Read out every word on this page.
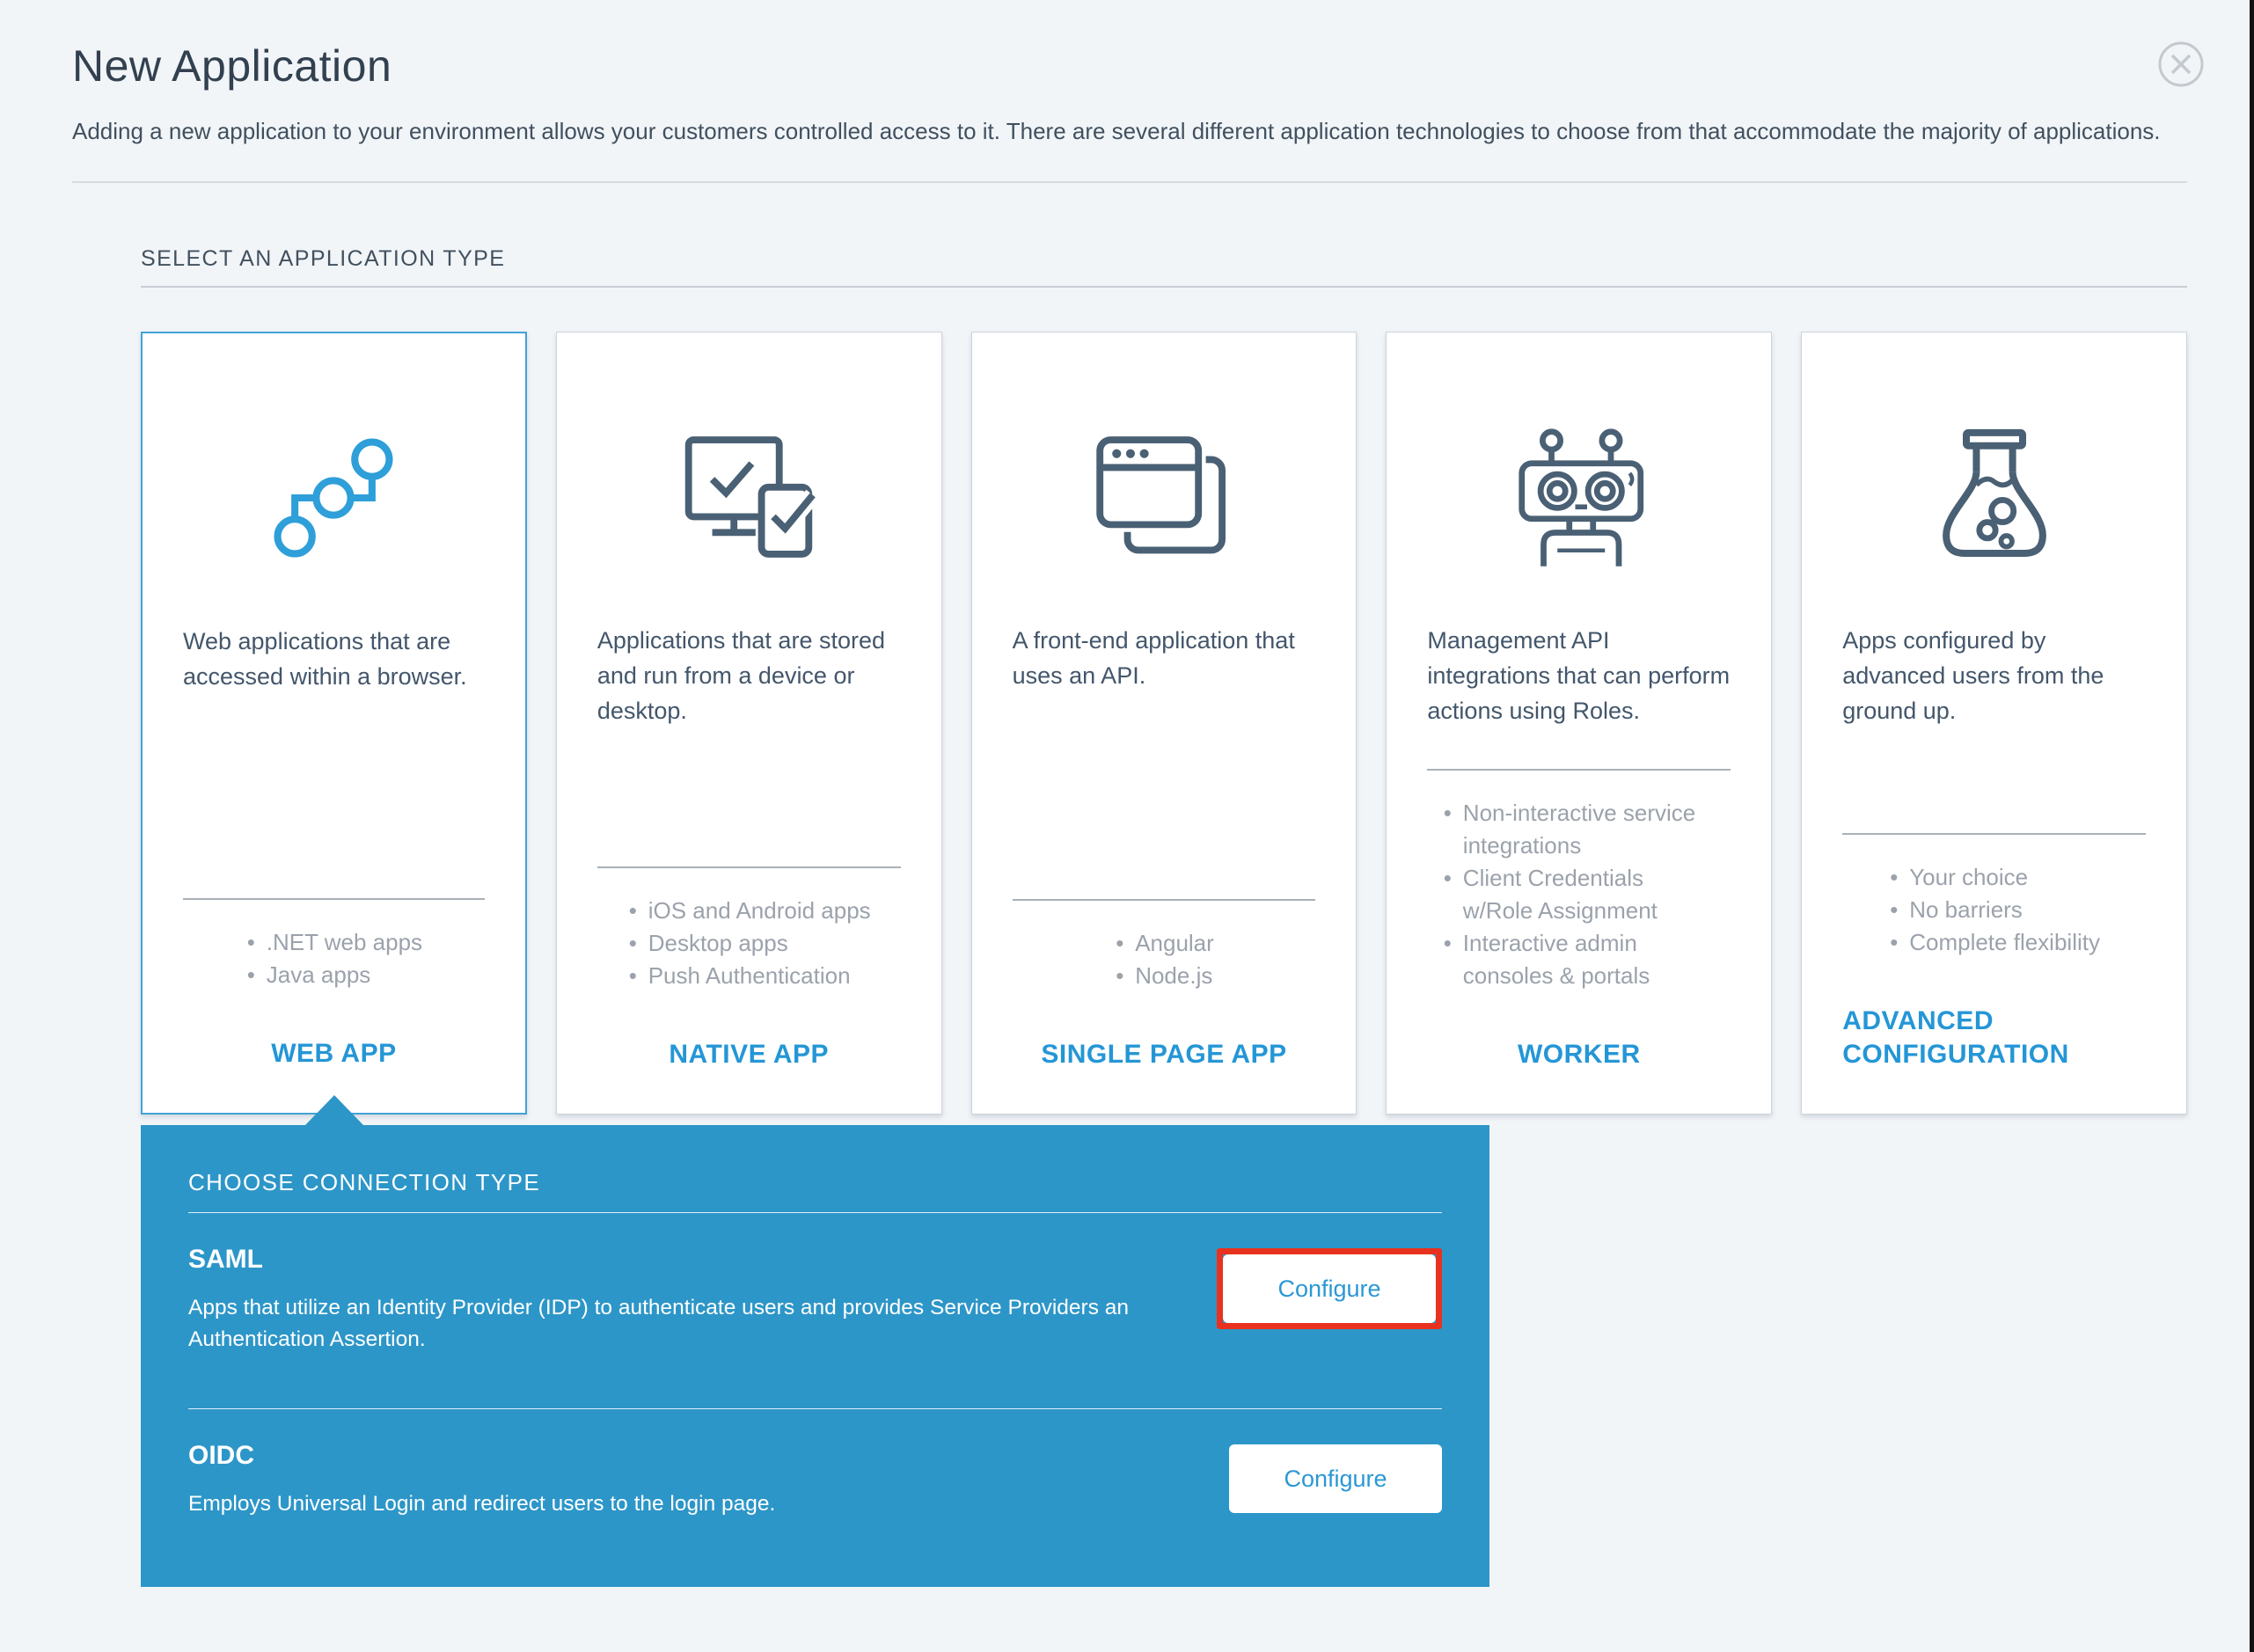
New Application
Adding a new application to your environment allows your customers controlled access to it. There are several different application technologies to choose from that accommodate the majority of applications.
SELECT AN APPLICATION TYPE
Web applications that are accessed within a browser.
• .NET web apps
• Java apps
WEB APP
Applications that are stored and run from a device or desktop.
• iOS and Android apps
• Desktop apps
• Push Authentication
NATIVE APP
A front-end application that uses an API.
• Angular
• Node.js
SINGLE PAGE APP
Management API integrations that can perform actions using Roles.
• Non-interactive service integrations
• Client Credentials w/Role Assignment
• Interactive admin consoles & portals
WORKER
Apps configured by advanced users from the ground up.
• Your choice
• No barriers
• Complete flexibility
ADVANCED CONFIGURATION
CHOOSE CONNECTION TYPE
SAML
Apps that utilize an Identity Provider (IDP) to authenticate users and provides Service Providers an Authentication Assertion.
Configure
OIDC
Employs Universal Login and redirect users to the login page.
Configure
